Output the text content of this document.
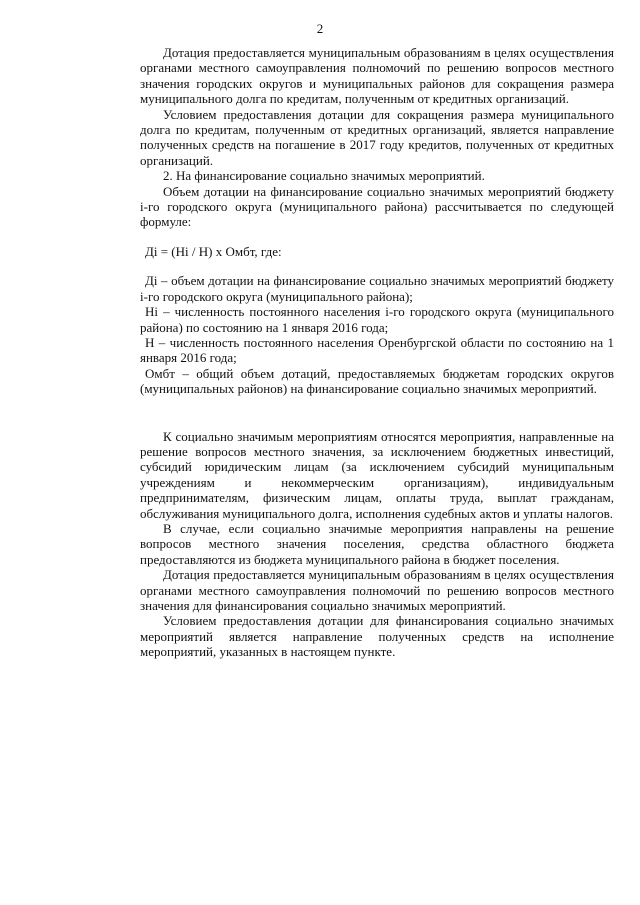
2

Дотация предоставляется муниципальным образованиям в целях осуществления органами местного самоуправления полномочий по решению вопросов местного значения городских округов и муниципальных районов для сокращения размера муниципального долга по кредитам, полученным от кредитных организаций.

Условием предоставления дотации для сокращения размера муниципального долга по кредитам, полученным от кредитных организаций, является направление полученных средств на погашение в 2017 году кредитов, полученных от кредитных организаций.

2. На финансирование социально значимых мероприятий.

Объем дотации на финансирование социально значимых мероприятий бюджету i-го городского округа (муниципального района) рассчитывается по следующей формуле:

Дi = (Нi / Н) х Омбт, где:

Дi – объем дотации на финансирование социально значимых мероприятий бюджету i-го городского округа (муниципального района);

Нi – численность постоянного населения i-го городского округа (муниципального района) по состоянию на 1 января 2016 года;

Н – численность постоянного населения Оренбургской области по состоянию на 1 января 2016 года;

Омбт – общий объем дотаций, предоставляемых бюджетам городских округов (муниципальных районов) на финансирование социально значимых мероприятий.

К социально значимым мероприятиям относятся мероприятия, направленные на решение вопросов местного значения, за исключением бюджетных инвестиций, субсидий юридическим лицам (за исключением субсидий муниципальным учреждениям и некоммерческим организациям), индивидуальным предпринимателям, физическим лицам, оплаты труда, выплат гражданам, обслуживания муниципального долга, исполнения судебных актов и уплаты налогов.

В случае, если социально значимые мероприятия направлены на решение вопросов местного значения поселения, средства областного бюджета предоставляются из бюджета муниципального района в бюджет поселения.

Дотация предоставляется муниципальным образованиям в целях осуществления органами местного самоуправления полномочий по решению вопросов местного значения для финансирования социально значимых мероприятий.

Условием предоставления дотации для финансирования социально значимых мероприятий является направление полученных средств на исполнение мероприятий, указанных в настоящем пункте.
